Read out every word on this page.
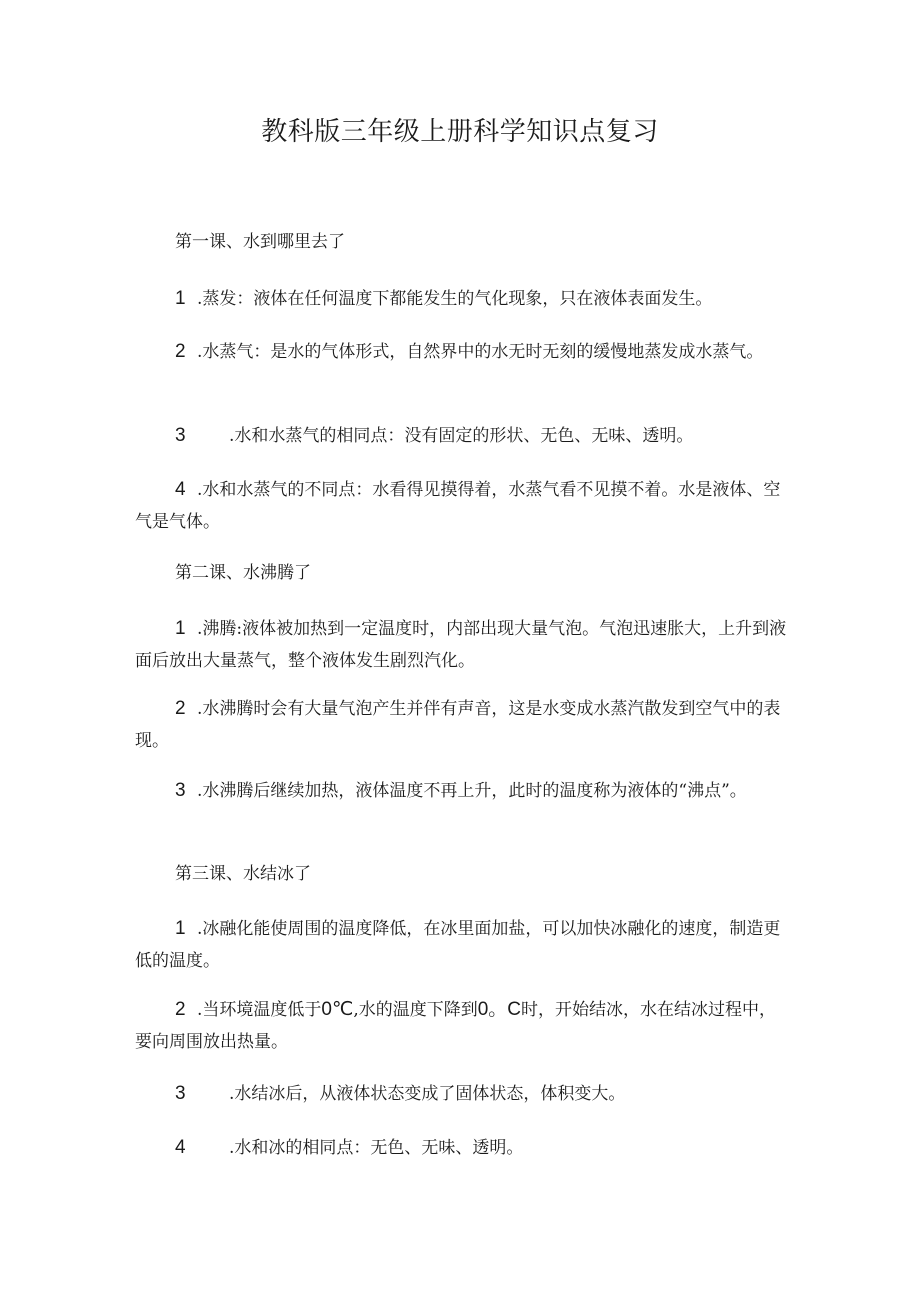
教科版三年级上册科学知识点复习
第一课、水到哪里去了
1 .蒸发：液体在任何温度下都能发生的气化现象，只在液体表面发生。
2 .水蒸气：是水的气体形式，自然界中的水无时无刻的缓慢地蒸发成水蒸气。
3	.水和水蒸气的相同点：没有固定的形状、无色、无味、透明。
4 .水和水蒸气的不同点：水看得见摸得着，水蒸气看不见摸不着。水是液体、空气是气体。
第二课、水沸腾了
1 .沸腾:液体被加热到一定温度时，内部出现大量气泡。气泡迅速胀大，上升到液面后放出大量蒸气，整个液体发生剧烈汽化。
2 .水沸腾时会有大量气泡产生并伴有声音，这是水变成水蒸汽散发到空气中的表现。
3 .水沸腾后继续加热，液体温度不再上升，此时的温度称为液体的“沸点”。
第三课、水结冰了
1 .冰融化能使周围的温度降低，在冰里面加盐，可以加快冰融化的速度，制造更低的温度。
2 .当环境温度低于0℃,水的温度下降到0。C时，开始结冰，水在结冰过程中，要向周围放出热量。
3	.水结冰后，从液体状态变成了固体状态，体积变大。
4	.水和冰的相同点：无色、无味、透明。
